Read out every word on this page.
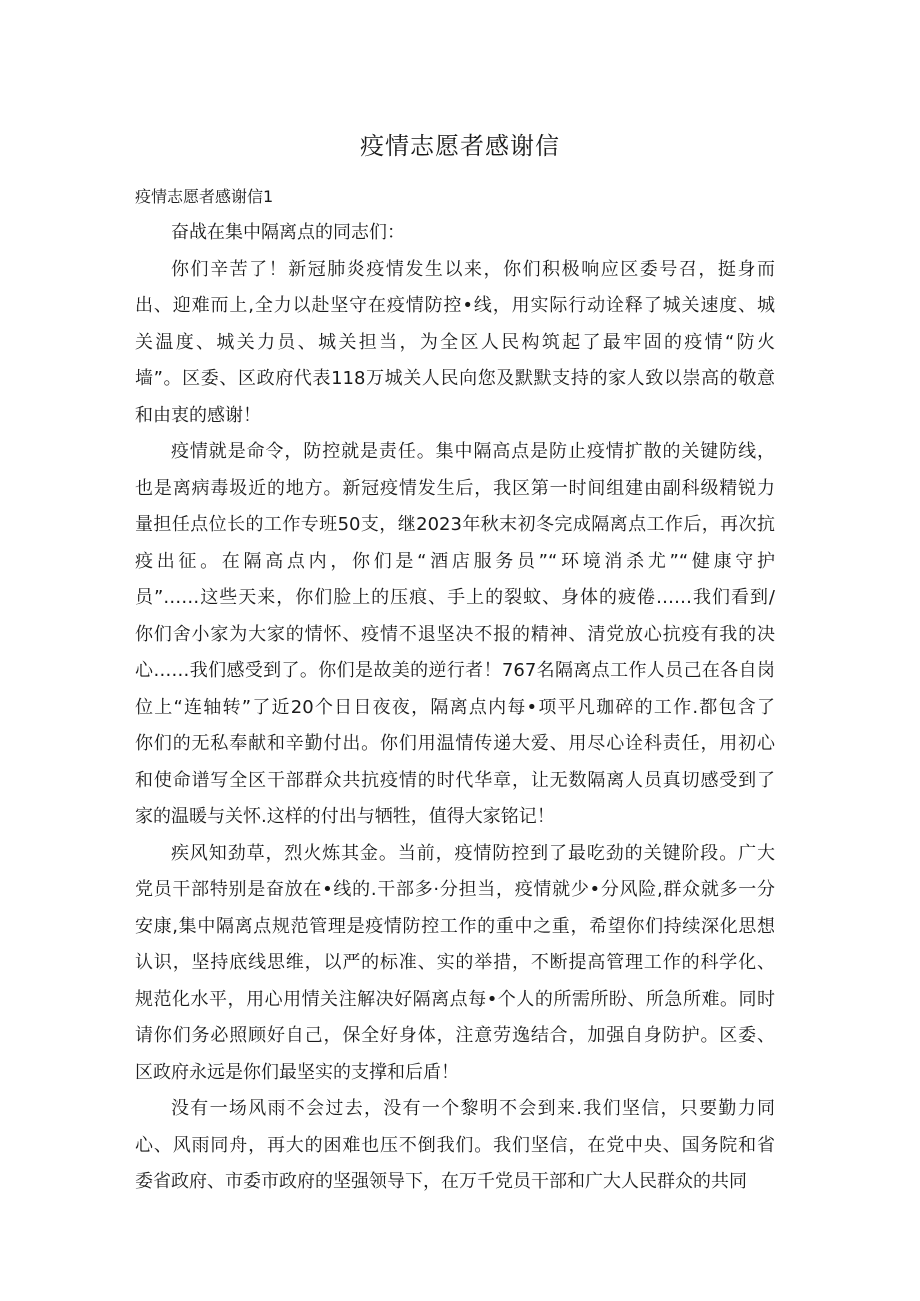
疫情志愿者感谢信
疫情志愿者感谢信1
奋战在集中隔离点的同志们：
你们辛苦了！新冠肺炎疫情发生以来，你们积极响应区委号召，挺身而
出、迎难而上,全力以赴坚守在疫情防控•线，用实际行动诠释了城关速度、城
关温度、城关力员、城关担当，为全区人民构筑起了最牢固的疫情“防火
墙”。区委、区政府代表118万城关人民向您及默默支持的家人致以崇高的敬意
和由衷的感谢！
疫情就是命令，防控就是责任。集中隔高点是防止疫情扩散的关键防线，
也是离病毒圾近的地方。新冠疫情发生后，我区第一时间组建由副科级精锐力
量担任点位长的工作专班50支，继2023年秋末初冬完成隔离点工作后，再次抗
疫出征。在隔高点内，你们是“酒店服务员”“环境消杀尤”“健康守护
员”……这些天来，你们脸上的压痕、手上的裂蚊、身体的疲倦……我们看到/
你们舍小家为大家的情怀、疫情不退坚决不报的精神、清党放心抗疫有我的决
心……我们感受到了。你们是故美的逆行者！767名隔离点工作人员己在各自岗
位上“连轴转”了近20个日日夜夜，隔离点内每•项平凡珈碎的工作.都包含了
你们的无私奉献和辛勤付出。你们用温情传递大爱、用尽心诠科责任，用初心
和使命谱写全区干部群众共抗疫情的时代华章，让无数隔离人员真切感受到了
家的温暖与关怀.这样的付出与牺牲，值得大家铭记！
疾风知劲草，烈火炼其金。当前，疫情防控到了最吃劲的关键阶段。广大
党员干部特别是奋放在•线的.干部多·分担当，疫情就少•分风险,群众就多一分
安康,集中隔离点规范管理是疫情防控工作的重中之重，希望你们持续深化思想
认识，坚持底线思维，以严的标准、实的举措，不断提高管理工作的科学化、
规范化水平，用心用情关注解决好隔离点每•个人的所需所盼、所急所难。同时
请你们务必照顾好自己，保全好身体，注意劳逸结合，加强自身防护。区委、
区政府永远是你们最坚实的支撑和后盾！
没有一场风雨不会过去，没有一个黎明不会到来.我们坚信，只要勤力同
心、风雨同舟，再大的困难也压不倒我们。我们坚信，在党中央、国务院和省
委省政府、市委市政府的坚强领导下，在万千党员干部和广大人民群众的共同
